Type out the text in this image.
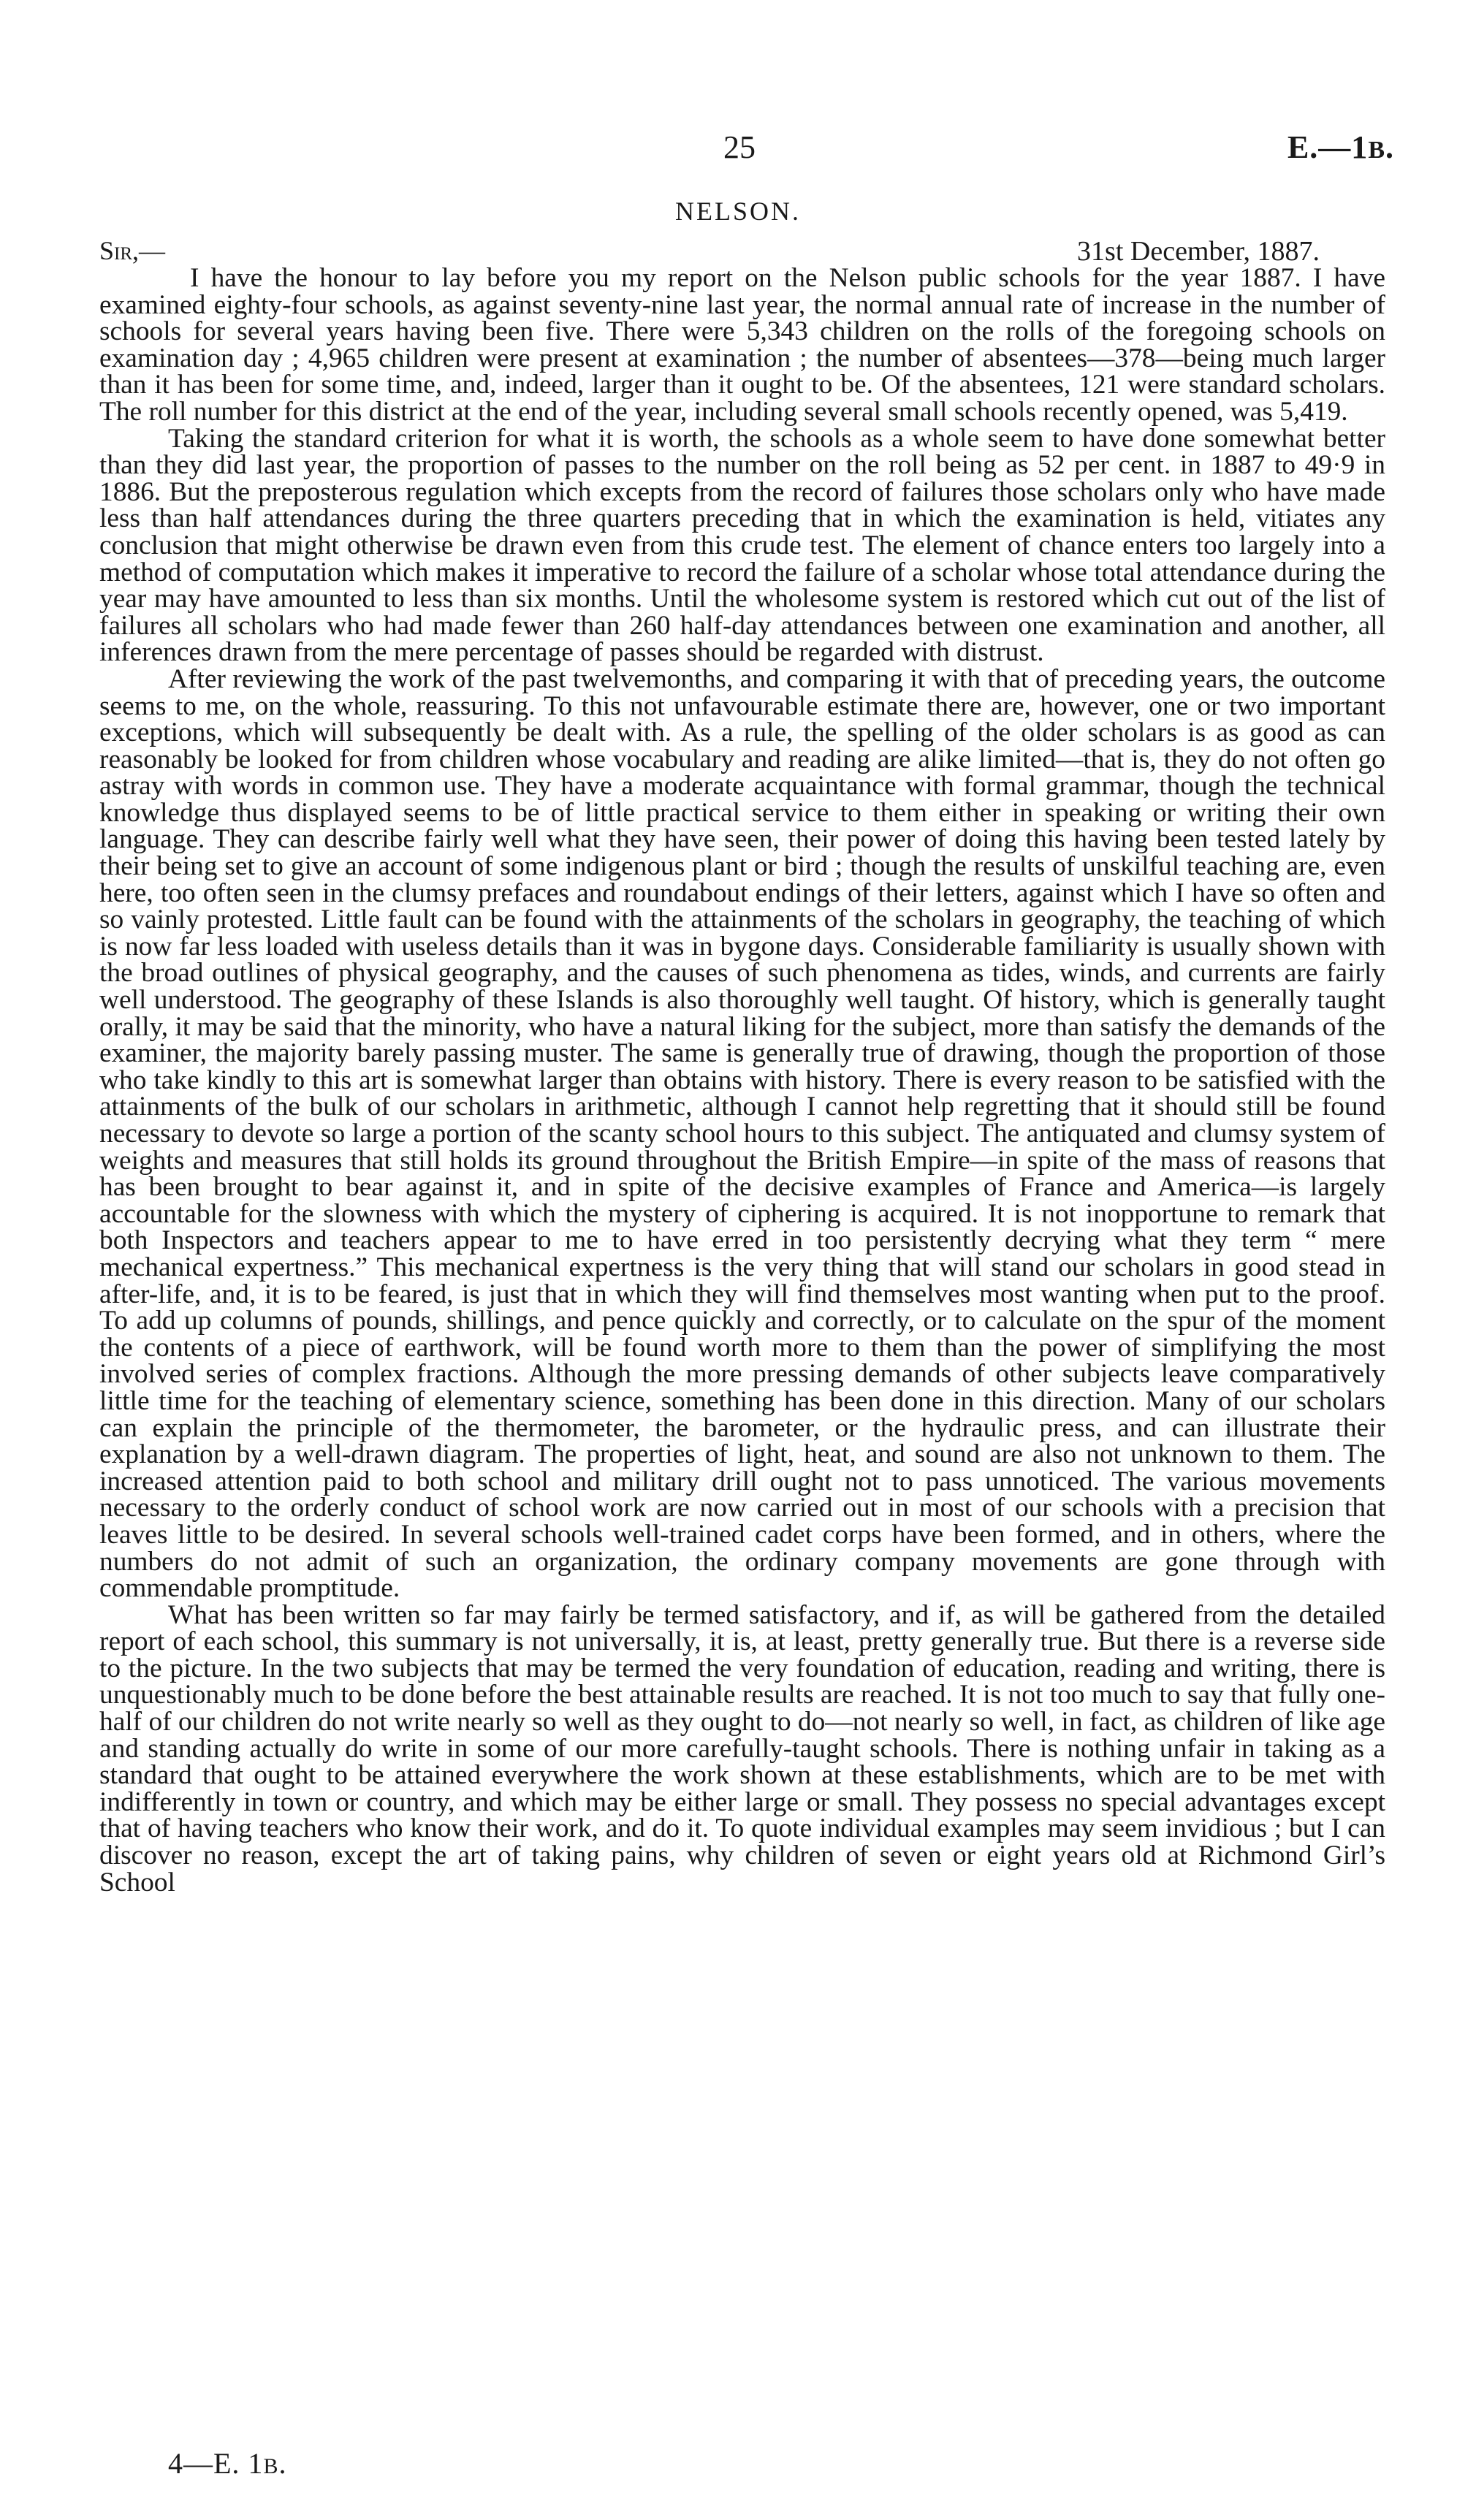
25	E.—1B.
NELSON.
Sir,—	31st December, 1887.

I have the honour to lay before you my report on the Nelson public schools for the year 1887. I have examined eighty-four schools, as against seventy-nine last year, the normal annual rate of increase in the number of schools for several years having been five. There were 5,343 children on the rolls of the foregoing schools on examination day ; 4,965 children were present at examination ; the number of absentees—378—being much larger than it has been for some time, and, indeed, larger than it ought to be. Of the absentees, 121 were standard scholars. The roll number for this district at the end of the year, including several small schools recently opened, was 5,419.

Taking the standard criterion for what it is worth, the schools as a whole seem to have done somewhat better than they did last year, the proportion of passes to the number on the roll being as 52 per cent. in 1887 to 49·9 in 1886. But the preposterous regulation which excepts from the record of failures those scholars only who have made less than half attendances during the three quarters preceding that in which the examination is held, vitiates any conclusion that might otherwise be drawn even from this crude test. The element of chance enters too largely into a method of computation which makes it imperative to record the failure of a scholar whose total attendance during the year may have amounted to less than six months. Until the wholesome system is restored which cut out of the list of failures all scholars who had made fewer than 260 half-day attendances between one examination and another, all inferences drawn from the mere percentage of passes should be regarded with distrust.

After reviewing the work of the past twelvemonths, and comparing it with that of preceding years, the outcome seems to me, on the whole, reassuring. To this not unfavourable estimate there are, however, one or two important exceptions, which will subsequently be dealt with. As a rule, the spelling of the older scholars is as good as can reasonably be looked for from children whose vocabulary and reading are alike limited—that is, they do not often go astray with words in common use. They have a moderate acquaintance with formal grammar, though the technical knowledge thus displayed seems to be of little practical service to them either in speaking or writing their own language. They can describe fairly well what they have seen, their power of doing this having been tested lately by their being set to give an account of some indigenous plant or bird ; though the results of unskilful teaching are, even here, too often seen in the clumsy prefaces and roundabout endings of their letters, against which I have so often and so vainly protested. Little fault can be found with the attainments of the scholars in geography, the teaching of which is now far less loaded with useless details than it was in bygone days. Considerable familiarity is usually shown with the broad outlines of physical geography, and the causes of such phenomena as tides, winds, and currents are fairly well understood. The geography of these Islands is also thoroughly well taught. Of history, which is generally taught orally, it may be said that the minority, who have a natural liking for the subject, more than satisfy the demands of the examiner, the majority barely passing muster. The same is generally true of drawing, though the proportion of those who take kindly to this art is somewhat larger than obtains with history. There is every reason to be satisfied with the attainments of the bulk of our scholars in arithmetic, although I cannot help regretting that it should still be found necessary to devote so large a portion of the scanty school hours to this subject. The antiquated and clumsy system of weights and measures that still holds its ground throughout the British Empire—in spite of the mass of reasons that has been brought to bear against it, and in spite of the decisive examples of France and America—is largely accountable for the slowness with which the mystery of ciphering is acquired. It is not inopportune to remark that both Inspectors and teachers appear to me to have erred in too persistently decrying what they term “ mere mechanical expertness.” This mechanical expertness is the very thing that will stand our scholars in good stead in after-life, and, it is to be feared, is just that in which they will find themselves most wanting when put to the proof. To add up columns of pounds, shillings, and pence quickly and correctly, or to calculate on the spur of the moment the contents of a piece of earthwork, will be found worth more to them than the power of simplifying the most involved series of complex fractions. Although the more pressing demands of other subjects leave comparatively little time for the teaching of elementary science, something has been done in this direction. Many of our scholars can explain the principle of the thermometer, the barometer, or the hydraulic press, and can illustrate their explanation by a well-drawn diagram. The properties of light, heat, and sound are also not unknown to them. The increased attention paid to both school and military drill ought not to pass unnoticed. The various movements necessary to the orderly conduct of school work are now carried out in most of our schools with a precision that leaves little to be desired. In several schools well-trained cadet corps have been formed, and in others, where the numbers do not admit of such an organization, the ordinary company movements are gone through with commendable promptitude.

What has been written so far may fairly be termed satisfactory, and if, as will be gathered from the detailed report of each school, this summary is not universally, it is, at least, pretty generally true. But there is a reverse side to the picture. In the two subjects that may be termed the very foundation of education, reading and writing, there is unquestionably much to be done before the best attainable results are reached. It is not too much to say that fully one-half of our children do not write nearly so well as they ought to do—not nearly so well, in fact, as children of like age and standing actually do write in some of our more carefully-taught schools. There is nothing unfair in taking as a standard that ought to be attained everywhere the work shown at these establishments, which are to be met with indifferently in town or country, and which may be either large or small. They possess no special advantages except that of having teachers who know their work, and do it. To quote individual examples may seem invidious ; but I can discover no reason, except the art of taking pains, why children of seven or eight years old at Richmond Girl’s School

4—E. 1B.
